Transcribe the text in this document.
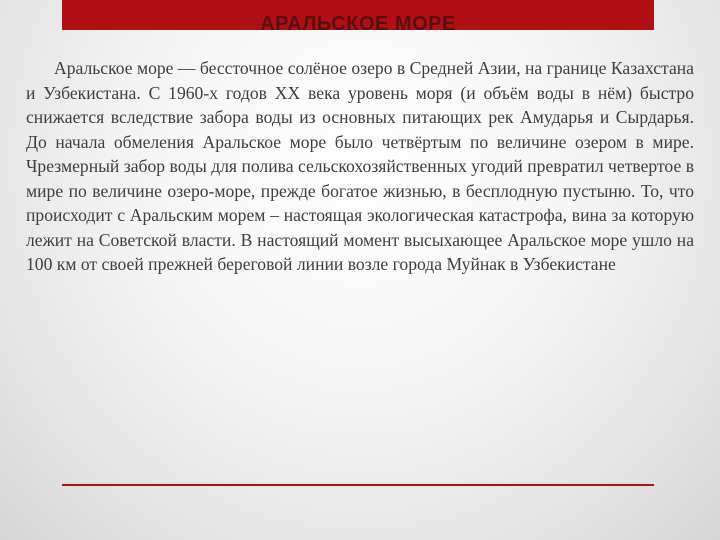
АРАЛЬСКОЕ МОРЕ

Аральское море — бессточное солёное озеро в Средней Азии, на границе Казахстана и Узбекистана. С 1960-х годов XX века уровень моря (и объём воды в нём) быстро снижается вследствие забора воды из основных питающих рек Амударья и Сырдарья. До начала обмеления Аральское море было четвёртым по величине озером в мире. Чрезмерный забор воды для полива сельскохозяйственных угодий превратил четвертое в мире по величине озеро-море, прежде богатое жизнью, в бесплодную пустыню. То, что происходит с Аральским морем – настоящая экологическая катастрофа, вина за которую лежит на Советской власти. В настоящий момент высыхающее Аральское море ушло на 100 км от своей прежней береговой линии возле города Муйнак в Узбекистане
